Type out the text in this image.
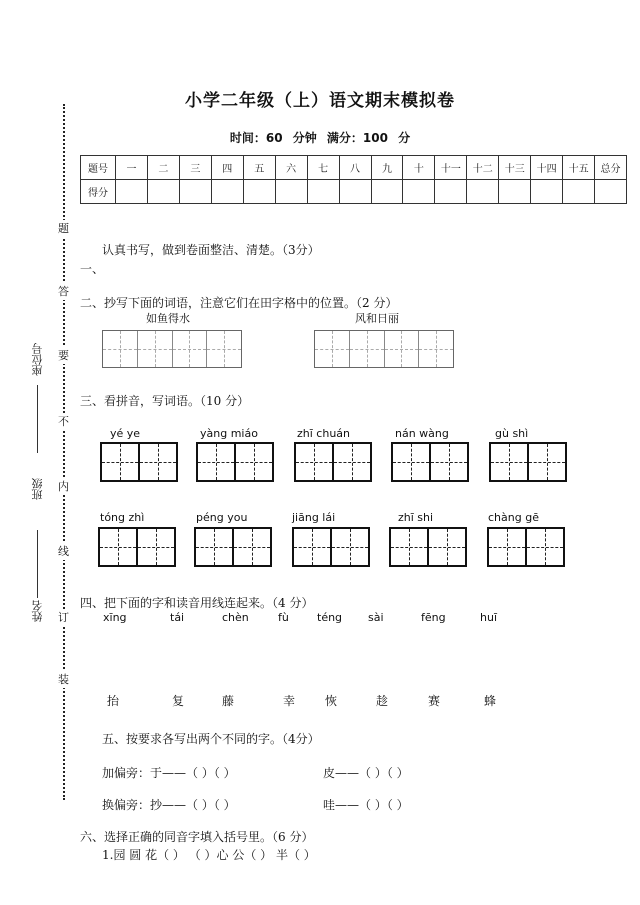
小学二年级（上）语文期末模拟卷
时间：60 分钟 满分：100 分
题号	一	二	三	四	五	六	七	八	九	十	十一	十二	十三	十四	十五	总分
得分																
题
答
要
不
内
线
订
装
座位号
班级
姓名
认真书写，做到卷面整洁、清楚。（3分）
一、
二、抄写下面的词语，注意它们在田字格中的位置。（2 分）
如鱼得水	风和日丽
三、看拼音，写词语。（10 分）
yé ye	yàng miáo	zhī chuán	nán wàng	gù shì
tóng zhì	péng you	jiāng lái	zhī shi	chàng gē
四、把下面的字和读音用线连起来。（4 分）
xīng	tái	chèn	fù	téng sài	fēng	huī
抬	复	藤	幸 恢	趁	赛	蜂
五、按要求各写出两个不同的字。（4分）
加偏旁：于——（ ）（ ）	皮——（ ）（ ）
换偏旁：抄——（ ）（ ）	哇——（ ）（ ）
六、选择正确的同音字填入括号里。（6 分）
1.园 圆 花（ ） （ ）心 公（ ） 半（ ）
